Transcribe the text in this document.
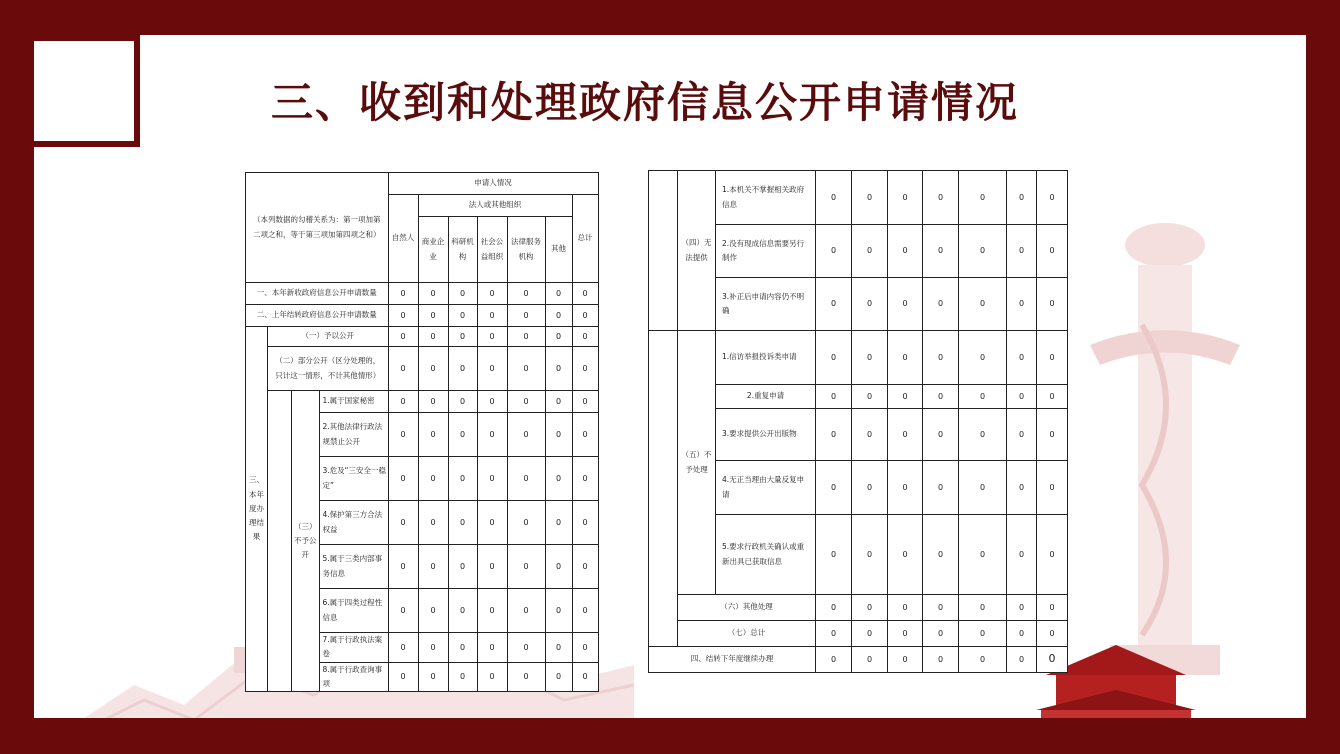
三、收到和处理政府信息公开申请情况
（本列数据的勾稽关系为：第一项加第二项之和，等于第三项加第四项之和）				申请人情况						
				自然人	法人或其他组织					总计
					商业企业	科研机构	社会公益组织	法律服务机构	其他	
一、本年新收政府信息公开申请数量				0	0	0	0	0	0	0
二、上年结转政府信息公开申请数量				0	0	0	0	0	0	0
三、本年度办理结果	（一）予以公开			0	0	0	0	0	0	0
	（二）部分公开（区分处理的，只计这一情形，不计其他情形）			0	0	0	0	0	0	0
		（三）不予公开	1.属于国家秘密	0	0	0	0	0	0	0
			2.其他法律行政法规禁止公开	0	0	0	0	0	0	0
			3.危及“三安全一稳定”	0	0	0	0	0	0	0
			4.保护第三方合法权益	0	0	0	0	0	0	0
			5.属于三类内部事务信息	0	0	0	0	0	0	0
			6.属于四类过程性信息	0	0	0	0	0	0	0
			7.属于行政执法案卷	0	0	0	0	0	0	0
			8.属于行政查询事项	0	0	0	0	0	0	0
	（四）无法提供	1.本机关不掌握相关政府信息	0	0	0	0	0	0	0
		2.没有现成信息需要另行制作	0	0	0	0	0	0	0
		3.补正后申请内容仍不明确	0	0	0	0	0	0	0
	（五）不予处理	1.信访举报投诉类申请	0	0	0	0	0	0	0
		2.重复申请	0	0	0	0	0	0	0
		3.要求提供公开出版物	0	0	0	0	0	0	0
		4.无正当理由大量反复申请	0	0	0	0	0	0	0
		5.要求行政机关确认或重新出具已获取信息	0	0	0	0	0	0	0
	（六）其他处理		0	0	0	0	0	0	0
	（七）总计		0	0	0	0	0	0	0
四、结转下年度继续办理			0	0	0	0	0	0	0
